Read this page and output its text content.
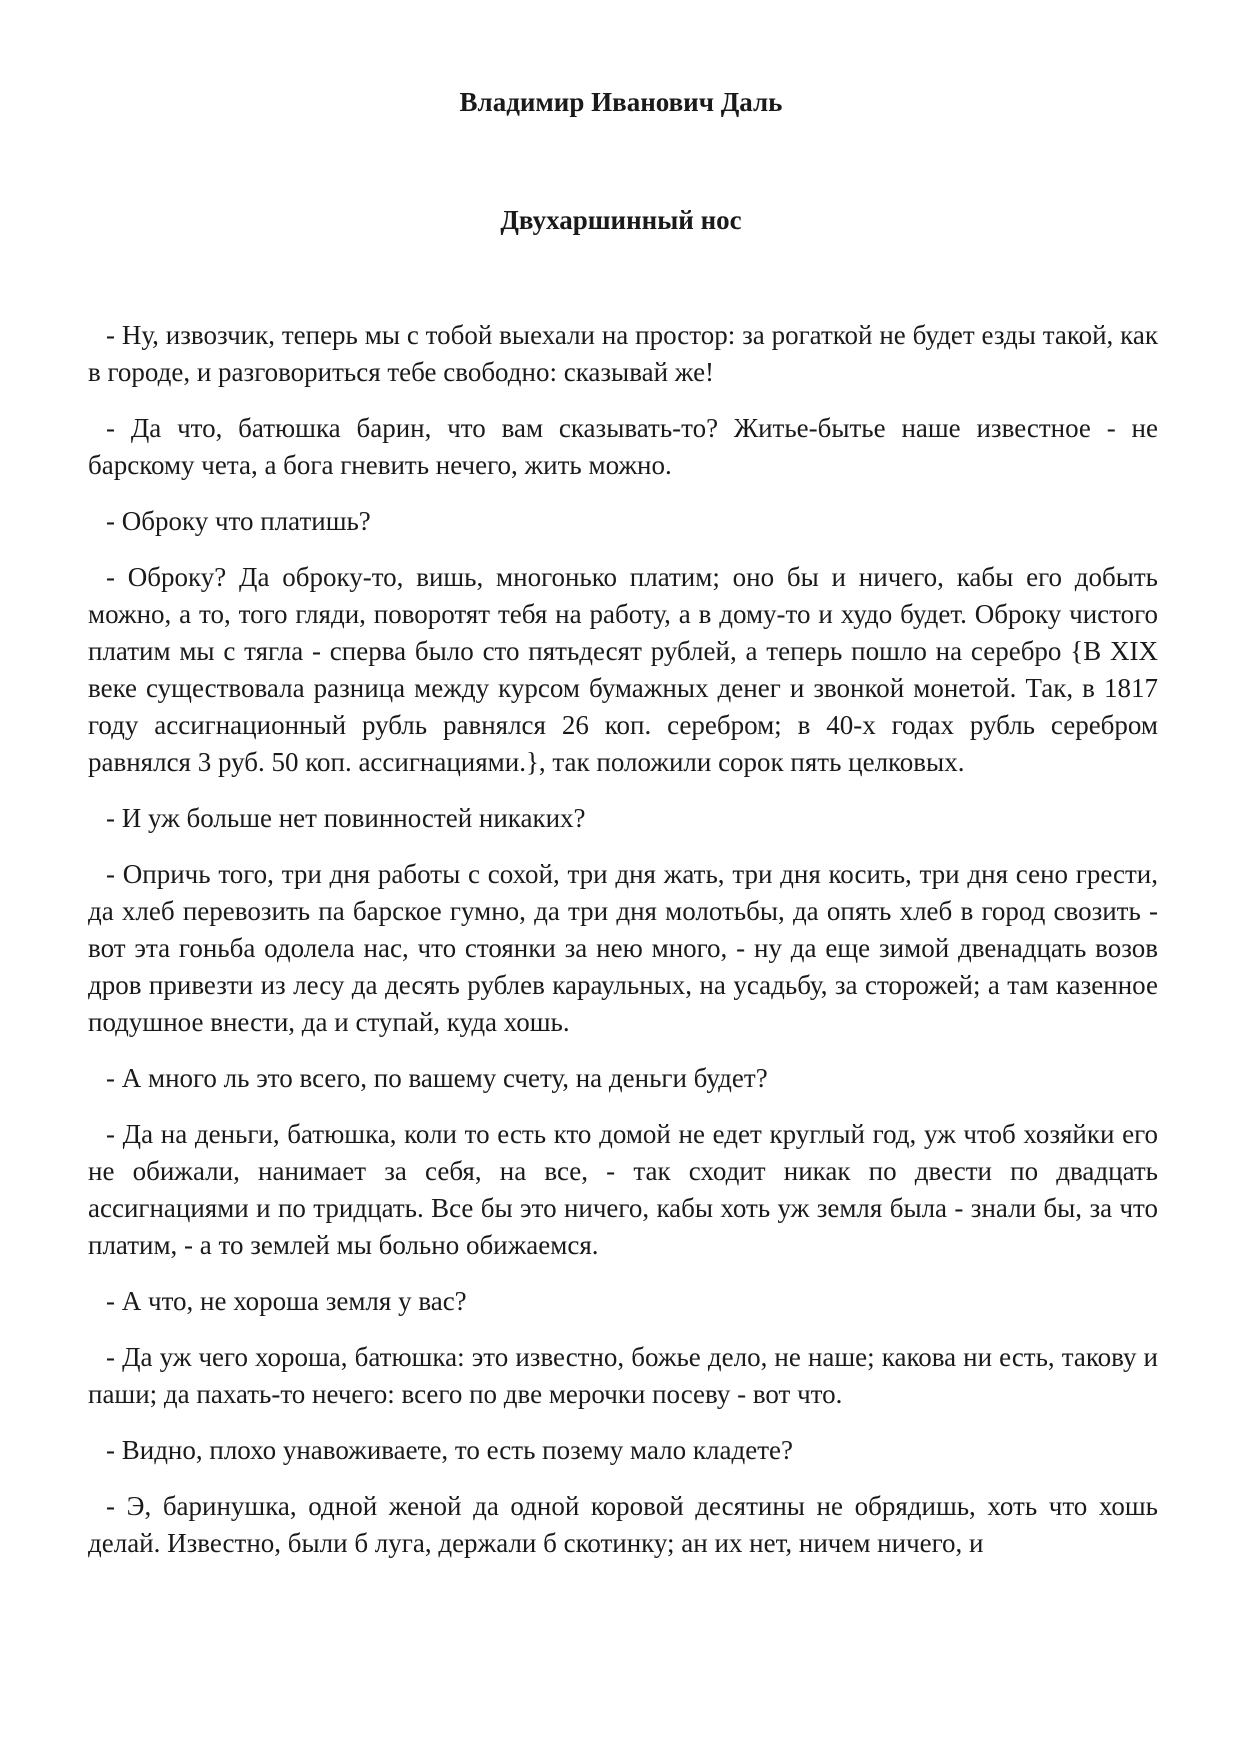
Владимир Иванович Даль
Двухаршинный нос

- Ну, извозчик, теперь мы с тобой выехали на простор: за рогаткой не будет езды такой, как в городе, и разговориться тебе свободно: сказывай же!

- Да что, батюшка барин, что вам сказывать-то? Житье-бытье наше известное - не барскому чета, а бога гневить нечего, жить можно.

- Оброку что платишь?

- Оброку? Да оброку-то, вишь, многонько платим; оно бы и ничего, кабы его добыть можно, а то, того гляди, поворотят тебя на работу, а в дому-то и худо будет. Оброку чистого платим мы с тягла - сперва было сто пятьдесят рублей, а теперь пошло на серебро {В XIX веке существовала разница между курсом бумажных денег и звонкой монетой. Так, в 1817 году ассигнационный рубль равнялся 26 коп. серебром; в 40-х годах рубль серебром равнялся 3 руб. 50 коп. ассигнациями.}, так положили сорок пять целковых.

- И уж больше нет повинностей никаких?

- Опричь того, три дня работы с сохой, три дня жать, три дня косить, три дня сено грести, да хлеб перевозить па барское гумно, да три дня молотьбы, да опять хлеб в город свозить - вот эта гоньба одолела нас, что стоянки за нею много, - ну да еще зимой двенадцать возов дров привезти из лесу да десять рублев караульных, на усадьбу, за сторожей; а там казенное подушное внести, да и ступай, куда хошь.

- А много ль это всего, по вашему счету, на деньги будет?

- Да на деньги, батюшка, коли то есть кто домой не едет круглый год, уж чтоб хозяйки его не обижали, нанимает за себя, на все, - так сходит никак по двести по двадцать ассигнациями и по тридцать. Все бы это ничего, кабы хоть уж земля была - знали бы, за что платим, - а то землей мы больно обижаемся.

- А что, не хороша земля у вас?

- Да уж чего хороша, батюшка: это известно, божье дело, не наше; какова ни есть, такову и паши; да пахать-то нечего: всего по две мерочки посеву - вот что.

- Видно, плохо унавоживаете, то есть позему мало кладете?

- Э, баринушка, одной женой да одной коровой десятины не обрядишь, хоть что хошь делай. Известно, были б луга, держали б скотинку; ан их нет, ничем ничего, и
